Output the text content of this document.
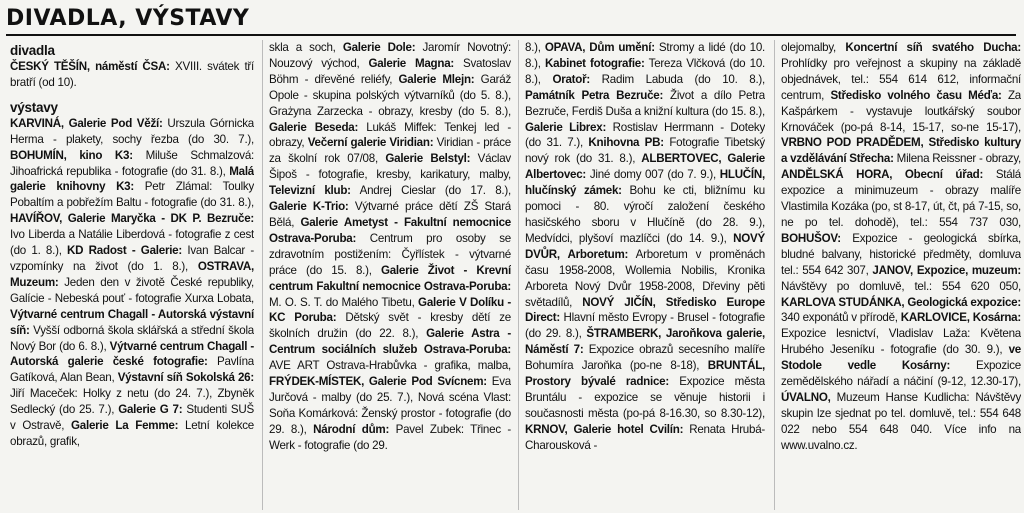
DIVADLA, VÝSTAVY
divadla

ČESKÝ TĚŠÍN, náměstí ČSA: XVIII. svátek tří bratří (od 10).

výstavy

KARVINÁ, Galerie Pod Věží: Urszula Górnicka Herma - plakety, sochy řezba (do 30. 7.), BOHUMÍN, kino K3: Miluše Schmalzová: Jihoafrická republika - fotografie (do 31. 8.), Malá galerie knihovny K3: Petr Zlámal: Toulky Pobaltím a pobřežím Baltu - fotografie (do 31. 8.), HAVÍŘOV, Galerie Maryčka - DK P. Bezruče: Ivo Liberda a Natálie Liberdová - fotografie z cest (do 1. 8.), KD Radost - Galerie: Ivan Balcar - vzpomínky na život (do 1. 8.), OSTRAVA, Muzeum: Jeden den v životě České republiky, Galície - Nebeská pouť - fotografie Xurxa Lobata, Výtvarné centrum Chagall - Autorská výstavní síň: Vyšší odborná škola sklářská a střední škola Nový Bor (do 6. 8.), Výtvarné centrum Chagall - Autorská galerie české fotografie: Pavlína Gatíková, Alan Bean, Výstavní síň Sokolská 26: Jiří Maceček: Holky z netu (do 24. 7.), Zbyněk Sedlecký (do 25. 7.), Galerie G 7: Studenti SUŠ v Ostravě, Galerie La Femme: Letní kolekce obrazů, grafik,

skla a soch, Galerie Dole: Jaromír Novotný: Nouzový východ, Galerie Magna: Svatoslav Böhm - dřevěné reliéfy, Galerie Mlejn: Garáž Opole - skupina polských výtvarníků (do 5. 8.), Grażyna Zarzecka - obrazy, kresby (do 5. 8.), Galerie Beseda: Lukáš Miffek: Tenkej led - obrazy, Večerní galerie Viridian: Viridian - práce za školní rok 07/08, Galerie Belstyl: Václav Šipoš - fotografie, kresby, karikatury, malby, Televizní klub: Andrej Cieslar (do 17. 8.), Galerie K-Trio: Výtvarné práce dětí ZŠ Stará Bělá, Galerie Ametyst - Fakultní nemocnice Ostrava-Poruba: Centrum pro osoby se zdravotním postižením: Čyřlístek - výtvarné práce (do 15. 8.), Galerie Život - Krevní centrum Fakultní nemocnice Ostrava-Poruba: M. O. S. T. do Malého Tibetu, Galerie V Dolíku - KC Poruba: Dětský svět - kresby dětí ze školních družin (do 22. 8.), Galerie Astra - Centrum sociálních služeb Ostrava-Poruba: AVE ART Ostrava-Hrabůvka - grafika, malba, FRÝDEK-MÍSTEK, Galerie Pod Svícnem: Eva Jurčová - malby (do 25. 7.), Nová scéna Vlast: Soňa Komárková: Ženský prostor - fotografie (do 29. 8.), Národní dům: Pavel Zubek: Třinec - Werk - fotografie (do 29.

8.), OPAVA, Dům umění: Stromy a lidé (do 10. 8.), Kabinet fotografie: Tereza Vlčková (do 10. 8.), Oratoř: Radim Labuda (do 10. 8.), Památník Petra Bezruče: Život a dílo Petra Bezruče, Ferdiš Duša a knižní kultura (do 15. 8.), Galerie Librex: Rostislav Herrmann - Doteky (do 31. 7.), Knihovna PB: Fotografie Tibetský nový rok (do 31. 8.), ALBERTOVEC, Galerie Albertovec: Jiné domy 007 (do 7. 9.), HLUČÍN, hlučínský zámek: Bohu ke cti, bližnímu ku pomoci - 80. výročí založení českého hasičského sboru v Hlučíně (do 28. 9.), Medvídci, plyšoví mazlíčci (do 14. 9.), NOVÝ DVŮR, Arboretum: Arboretum v proměnách času 1958-2008, Wollemia Nobilis, Kronika Arboreta Nový Dvůr 1958-2008, Dřeviny pěti světadílů, NOVÝ JIČÍN, Středisko Europe Direct: Hlavní město Evropy - Brusel - fotografie (do 29. 8.), ŠTRAMBERK, Jaroňkova galerie, Náměstí 7: Expozice obrazů secesního malíře Bohumíra Jaroňka (po-ne 8-18), BRUNTÁL, Prostory bývalé radnice: Expozice města Bruntálu - expozice se věnuje historii i současnosti města (po-pá 8-16.30, so 8.30-12), KRNOV, Galerie hotel Cvilín: Renata Hrubá-Charousková -

olejomalby, Koncertní síň svatého Ducha: Prohlídky pro veřejnost a skupiny na základě objednávek, tel.: 554 614 612, informační centrum, Středisko volného času Méďa: Za Kašpárkem - vystavuje loutkářský soubor Krnováček (po-pá 8-14, 15-17, so-ne 15-17), VRBNO POD PRADĚDEM, Středisko kultury a vzdělávání Střecha: Milena Reissner - obrazy, ANDĚLSKÁ HORA, Obecní úřad: Stálá expozice a minimuzeum - obrazy malíře Vlastimila Kozáka (po, st 8-17, út, čt, pá 7-15, so, ne po tel. dohodě), tel.: 554 737 030, BOHUŠOV: Expozice - geologická sbírka, bludné balvany, historické předměty, domluva tel.: 554 642 307, JANOV, Expozice, muzeum: Návštěvy po domluvě, tel.: 554 620 050, KARLOVA STUDÁNKA, Geologická expozice: 340 exponátů v přírodě, KARLOVICE, Kosárna: Expozice lesnictví, Vladislav Laža: Květena Hrubého Jeseníku - fotografie (do 30. 9.), ve Stodole vedle Kosárny: Expozice zemědělského nářadí a náčiní (9-12, 12.30-17), ÚVALNO, Muzeum Hanse Kudlicha: Návštěvy skupin lze sjednat po tel. domluvě, tel.: 554 648 022 nebo 554 648 040. Více info na www.uvalno.cz.
